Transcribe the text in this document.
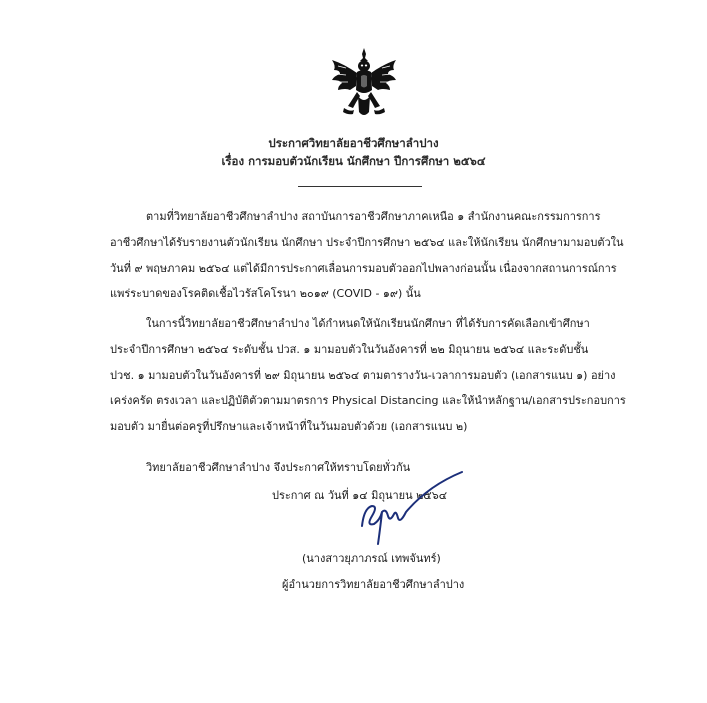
ประกาศวิทยาลัยอาชีวศึกษาลำปาง
เรื่อง การมอบตัวนักเรียน นักศึกษา ปีการศึกษา ๒๕๖๔
ตามที่วิทยาลัยอาชีวศึกษาลำปาง สถาบันการอาชีวศึกษาภาคเหนือ ๑ สำนักงานคณะกรรมการการ
อาชีวศึกษาได้รับรายงานตัวนักเรียน นักศึกษา ประจำปีการศึกษา ๒๕๖๔ และให้นักเรียน นักศึกษามามอบตัวใน
วันที่ ๙ พฤษภาคม ๒๕๖๔ แต่ได้มีการประกาศเลื่อนการมอบตัวออกไปพลางก่อนนั้น เนื่องจากสถานการณ์การ
แพร่ระบาดของโรคติดเชื้อไวรัสโคโรนา ๒๐๑๙ (COVID - ๑๙) นั้น
ในการนี้วิทยาลัยอาชีวศึกษาลำปาง ได้กำหนดให้นักเรียนนักศึกษา ที่ได้รับการคัดเลือกเข้าศึกษา
ประจำปีการศึกษา ๒๕๖๔ ระดับชั้น ปวส. ๑ มามอบตัวในวันอังคารที่ ๒๒ มิถุนายน ๒๕๖๔ และระดับชั้น
ปวช. ๑ มามอบตัวในวันอังคารที่ ๒๙ มิถุนายน ๒๕๖๔ ตามตารางวัน-เวลาการมอบตัว (เอกสารแนบ ๑) อย่าง
เคร่งครัด ตรงเวลา และปฏิบัติตัวตามมาตรการ Physical Distancing และให้นำหลักฐาน/เอกสารประกอบการ
มอบตัว มายื่นต่อครูที่ปรึกษาและเจ้าหน้าที่ในวันมอบตัวด้วย (เอกสารแนบ ๒)
วิทยาลัยอาชีวศึกษาลำปาง จึงประกาศให้ทราบโดยทั่วกัน
ประกาศ ณ วันที่ ๑๔ มิถุนายน ๒๕๖๔
(นางสาวยุภาภรณ์ เทพจันทร์)
ผู้อำนวยการวิทยาลัยอาชีวศึกษาลำปาง
